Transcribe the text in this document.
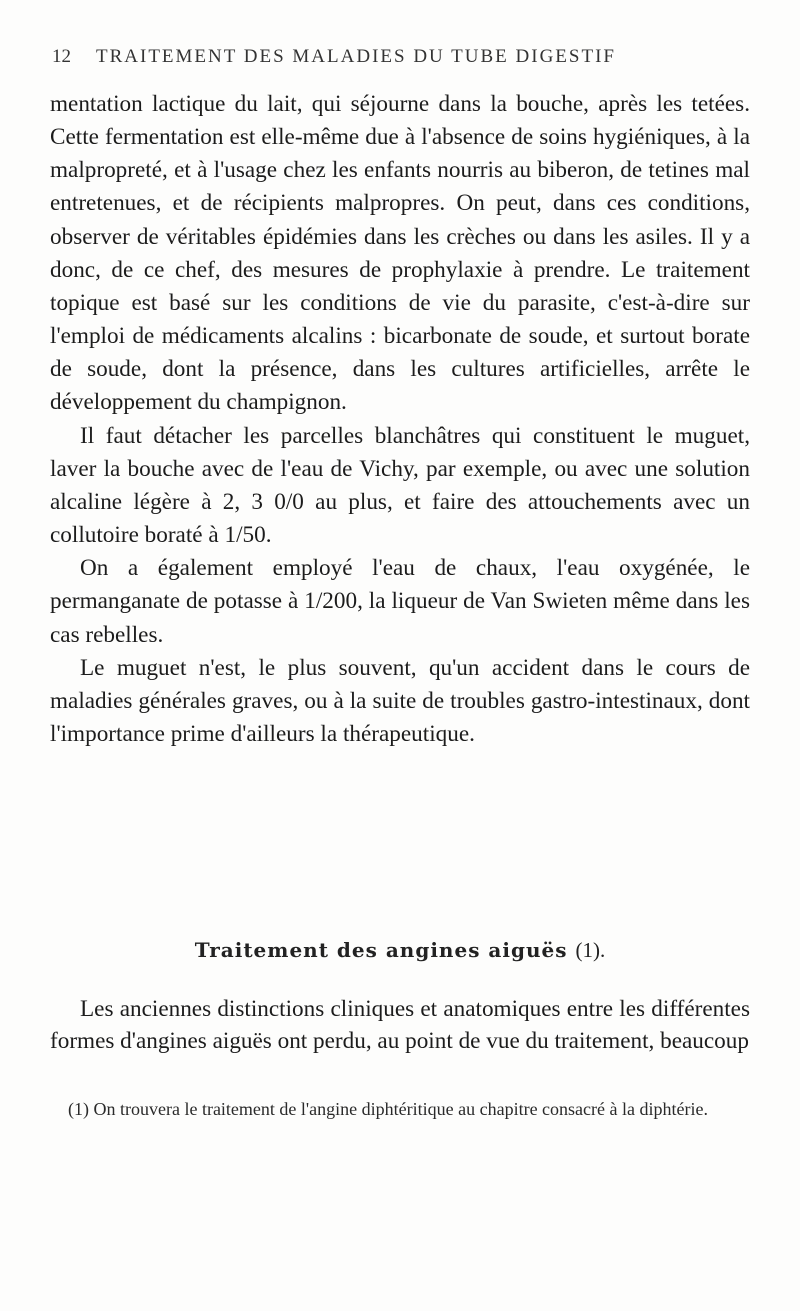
12 TRAITEMENT DES MALADIES DU TUBE DIGESTIF

mentation lactique du lait, qui séjourne dans la bouche, après les tetées. Cette fermentation est elle-même due à l'absence de soins hygiéniques, à la malpropreté, et à l'usage chez les enfants nourris au biberon, de tetines mal entretenues, et de récipients malpropres. On peut, dans ces conditions, observer de véritables épidémies dans les crèches ou dans les asiles. Il y a donc, de ce chef, des mesures de prophylaxie à prendre. Le traitement topique est basé sur les conditions de vie du parasite, c'est-à-dire sur l'emploi de médicaments alcalins : bicarbonate de soude, et surtout borate de soude, dont la présence, dans les cultures artificielles, arrête le développement du champignon.

Il faut détacher les parcelles blanchâtres qui constituent le muguet, laver la bouche avec de l'eau de Vichy, par exemple, ou avec une solution alcaline légère à 2, 3 0/0 au plus, et faire des attouchements avec un collutoire boraté à 1/50.

On a également employé l'eau de chaux, l'eau oxygénée, le permanganate de potasse à 1/200, la liqueur de Van Swieten même dans les cas rebelles.

Le muguet n'est, le plus souvent, qu'un accident dans le cours de maladies générales graves, ou à la suite de troubles gastro-intestinaux, dont l'importance prime d'ailleurs la thérapeutique.

Traitement des angines aiguës (1).

Les anciennes distinctions cliniques et anatomiques entre les différentes formes d'angines aiguës ont perdu, au point de vue du traitement, beaucoup

(1) On trouvera le traitement de l'angine diphtéritique au chapitre consacré à la diphtérie.
